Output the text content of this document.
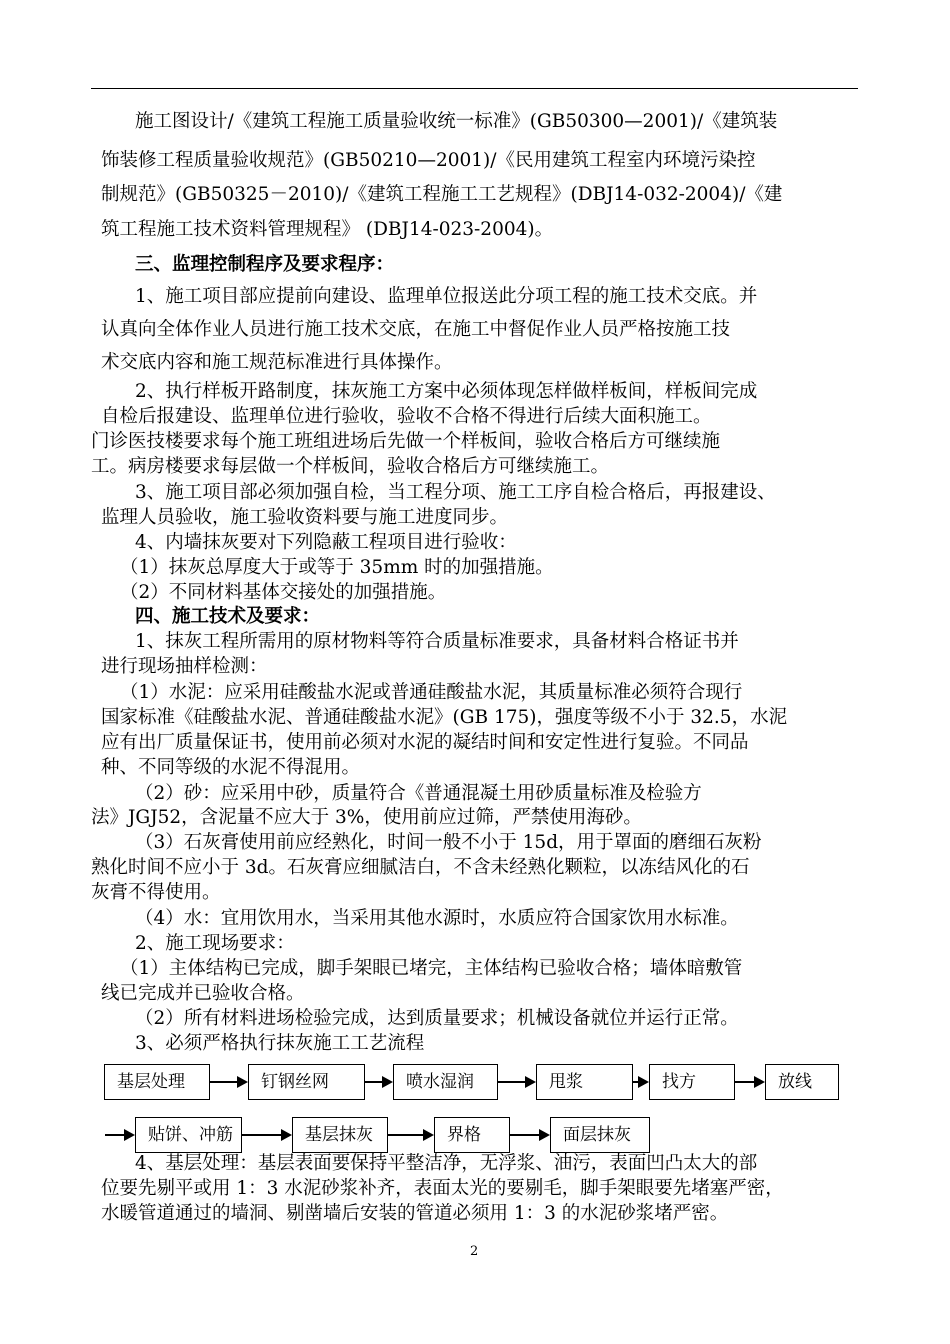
施工图设计/《建筑工程施工质量验收统一标准》(GB50300—2001)/《建筑装
饰装修工程质量验收规范》(GB50210—2001)/《民用建筑工程室内环境污染控
制规范》(GB50325－2010)/《建筑工程施工工艺规程》(DBJ14-032-2004)/《建
筑工程施工技术资料管理规程》 (DBJ14-023-2004)。
三、监理控制程序及要求程序：
1、施工项目部应提前向建设、监理单位报送此分项工程的施工技术交底。并
认真向全体作业人员进行施工技术交底，在施工中督促作业人员严格按施工技
术交底内容和施工规范标准进行具体操作。
2、执行样板开路制度，抹灰施工方案中必须体现怎样做样板间，样板间完成
自检后报建设、监理单位进行验收，验收不合格不得进行后续大面积施工。
门诊医技楼要求每个施工班组进场后先做一个样板间，验收合格后方可继续施
工。病房楼要求每层做一个样板间，验收合格后方可继续施工。
3、施工项目部必须加强自检，当工程分项、施工工序自检合格后，再报建设、
监理人员验收，施工验收资料要与施工进度同步。
4、内墙抹灰要对下列隐蔽工程项目进行验收：
（1）抹灰总厚度大于或等于 35mm 时的加强措施。
（2）不同材料基体交接处的加强措施。
四、施工技术及要求：
1、抹灰工程所需用的原材物料等符合质量标准要求，具备材料合格证书并
进行现场抽样检测：
（1）水泥：应采用硅酸盐水泥或普通硅酸盐水泥，其质量标准必须符合现行
国家标准《硅酸盐水泥、普通硅酸盐水泥》(GB 175)，强度等级不小于 32.5，水泥
应有出厂质量保证书，使用前必须对水泥的凝结时间和安定性进行复验。不同品
种、不同等级的水泥不得混用。
（2）砂：应采用中砂，质量符合《普通混凝土用砂质量标准及检验方
法》JGJ52，含泥量不应大于 3%，使用前应过筛，严禁使用海砂。
（3）石灰膏使用前应经熟化，时间一般不小于 15d，用于罩面的磨细石灰粉
熟化时间不应小于 3d。石灰膏应细腻洁白，不含未经熟化颗粒，以冻结风化的石
灰膏不得使用。
（4）水：宜用饮用水，当采用其他水源时，水质应符合国家饮用水标准。
2、施工现场要求：
（1）主体结构已完成，脚手架眼已堵完，主体结构已验收合格；墙体暗敷管
线已完成并已验收合格。
（2）所有材料进场检验完成，达到质量要求；机械设备就位并运行正常。
3、必须严格执行抹灰施工工艺流程
基层处理	钉钢丝网	喷水湿润	甩浆	找方	放线
贴饼、冲筋	基层抹灰	界格	面层抹灰
4、基层处理：基层表面要保持平整洁净，无浮浆、油污，表面凹凸太大的部
位要先剔平或用 1：3 水泥砂浆补齐，表面太光的要剔毛，脚手架眼要先堵塞严密，
水暖管道通过的墙洞、剔凿墙后安装的管道必须用 1：3 的水泥砂浆堵严密。
2
